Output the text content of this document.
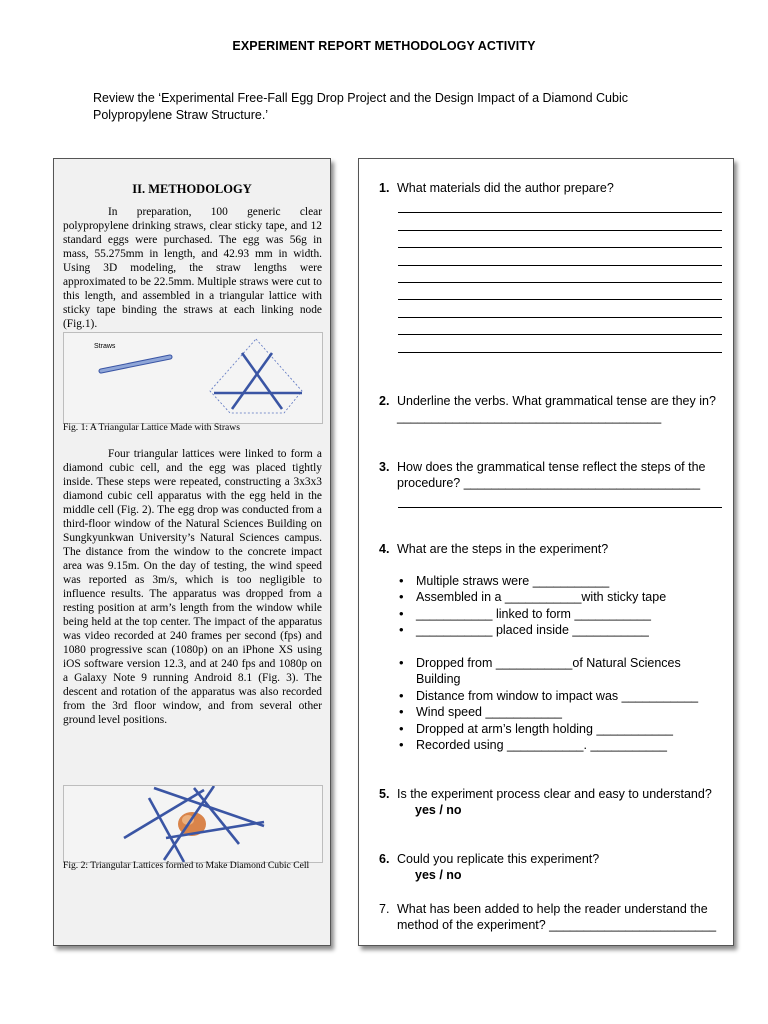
EXPERIMENT REPORT METHODOLOGY ACTIVITY
Review the ‘Experimental Free-Fall Egg Drop Project and the Design Impact of a Diamond Cubic Polypropylene Straw Structure.’
II. METHODOLOGY

In preparation, 100 generic clear polypropylene drinking straws, clear sticky tape, and 12 standard eggs were purchased. The egg was 56g in mass, 55.275mm in length, and 42.93 mm in width. Using 3D modeling, the straw lengths were approximated to be 22.5mm. Multiple straws were cut to this length, and assembled in a triangular lattice with sticky tape binding the straws at each linking node (Fig.1).

Straws
Fig. 1: A Triangular Lattice Made with Straws

Four triangular lattices were linked to form a diamond cubic cell, and the egg was placed tightly inside. These steps were repeated, constructing a 3x3x3 diamond cubic cell apparatus with the egg held in the middle cell (Fig. 2). The egg drop was conducted from a third-floor window of the Natural Sciences Building on Sungkyunkwan University’s Natural Sciences campus. The distance from the window to the concrete impact area was 9.15m. On the day of testing, the wind speed was reported as 3m/s, which is too negligible to influence results. The apparatus was dropped from a resting position at arm’s length from the window while being held at the top center. The impact of the apparatus was video recorded at 240 frames per second (fps) and 1080 progressive scan (1080p) on an iPhone XS using iOS software version 12.3, and at 240 fps and 1080p on a Galaxy Note 9 running Android 8.1 (Fig. 3). The descent and rotation of the apparatus was also recorded from the 3rd floor window, and from several other ground level positions.

Fig. 2: Triangular Lattices formed to Make Diamond Cubic Cell
1. What materials did the author prepare?
2. Underline the verbs. What grammatical tense are they in? ______________________________________
3. How does the grammatical tense reflect the steps of the procedure? __________________________________
4. What are the steps in the experiment?
• Multiple straws were ___________
• Assembled in a ___________with sticky tape
• ___________ linked to form ___________
• ___________ placed inside ___________
• Dropped from ___________of Natural Sciences Building
• Distance from window to impact was ___________
• Wind speed ___________
• Dropped at arm’s length holding ___________
• Recorded using ___________. ___________
5. Is the experiment process clear and easy to understand?
yes / no
6. Could you replicate this experiment?
yes / no
7. What has been added to help the reader understand the method of the experiment? ________________________
